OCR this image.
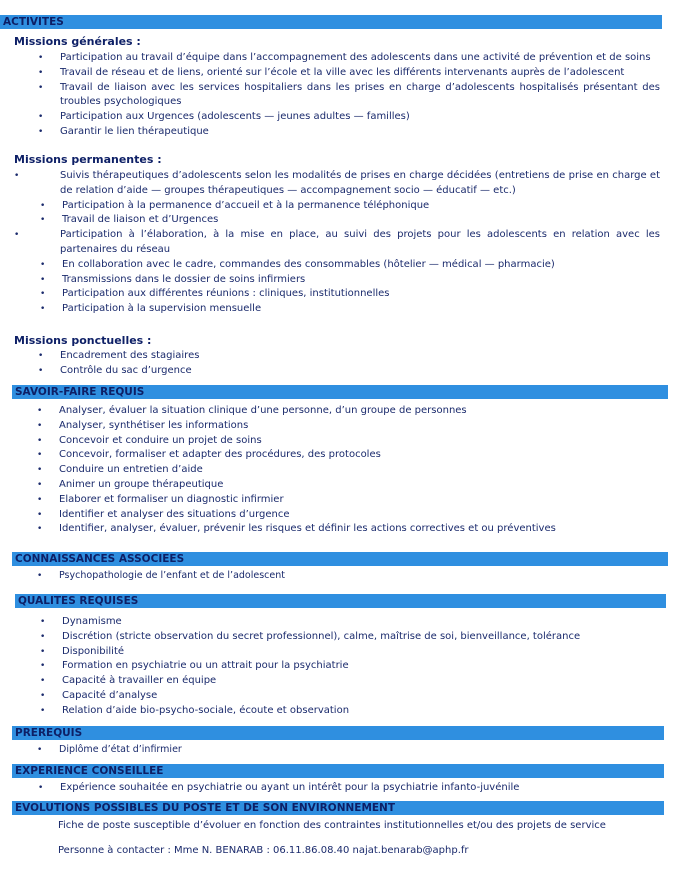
ACTIVITES
Missions générales :
• Participation au travail d’équipe dans l’accompagnement des adolescents dans une activité de prévention et de soins
• Travail de réseau et de liens, orienté sur l’école et la ville avec les différents intervenants auprès de l’adolescent
• Travail de liaison avec les services hospitaliers dans les prises en charge d’adolescents hospitalisés présentant des troubles psychologiques
• Participation aux Urgences (adolescents — jeunes adultes — familles)
• Garantir le lien thérapeutique
Missions permanentes :
• Suivis thérapeutiques d’adolescents selon les modalités de prises en charge décidées (entretiens de prise en charge et de relation d’aide — groupes thérapeutiques — accompagnement socio — éducatif — etc.)
• Participation à la permanence d’accueil et à la permanence téléphonique
• Travail de liaison et d’Urgences
• Participation à l’élaboration, à la mise en place, au suivi des projets pour les adolescents en relation avec les partenaires du réseau
• En collaboration avec le cadre, commandes des consommables (hôtelier — médical — pharmacie)
• Transmissions dans le dossier de soins infirmiers
• Participation aux différentes réunions : cliniques, institutionnelles
• Participation à la supervision mensuelle
Missions ponctuelles :
• Encadrement des stagiaires
• Contrôle du sac d’urgence
SAVOIR-FAIRE REQUIS
• Analyser, évaluer la situation clinique d’une personne, d’un groupe de personnes
• Analyser, synthétiser les informations
• Concevoir et conduire un projet de soins
• Concevoir, formaliser et adapter des procédures, des protocoles
• Conduire un entretien d’aide
• Animer un groupe thérapeutique
• Elaborer et formaliser un diagnostic infirmier
• Identifier et analyser des situations d’urgence
• Identifier, analyser, évaluer, prévenir les risques et définir les actions correctives et ou préventives
CONNAISSANCES ASSOCIEES
• Psychopathologie de l’enfant et de l’adolescent
QUALITES REQUISES
• Dynamisme
• Discrétion (stricte observation du secret professionnel), calme, maîtrise de soi, bienveillance, tolérance
• Disponibilité
• Formation en psychiatrie ou un attrait pour la psychiatrie
• Capacité à travailler en équipe
• Capacité d’analyse
• Relation d’aide bio-psycho-sociale, écoute et observation
PREREQUIS
• Diplôme d’état d’infirmier
EXPERIENCE CONSEILLEE
• Expérience souhaitée en psychiatrie ou ayant un intérêt pour la psychiatrie infanto-juvénile
EVOLUTIONS POSSIBLES DU POSTE ET DE SON ENVIRONNEMENT
Fiche de poste susceptible d’évoluer en fonction des contraintes institutionnelles et/ou des projets de service
Personne à contacter : Mme N. BENARAB : 06.11.86.08.40 najat.benarab@aphp.fr
